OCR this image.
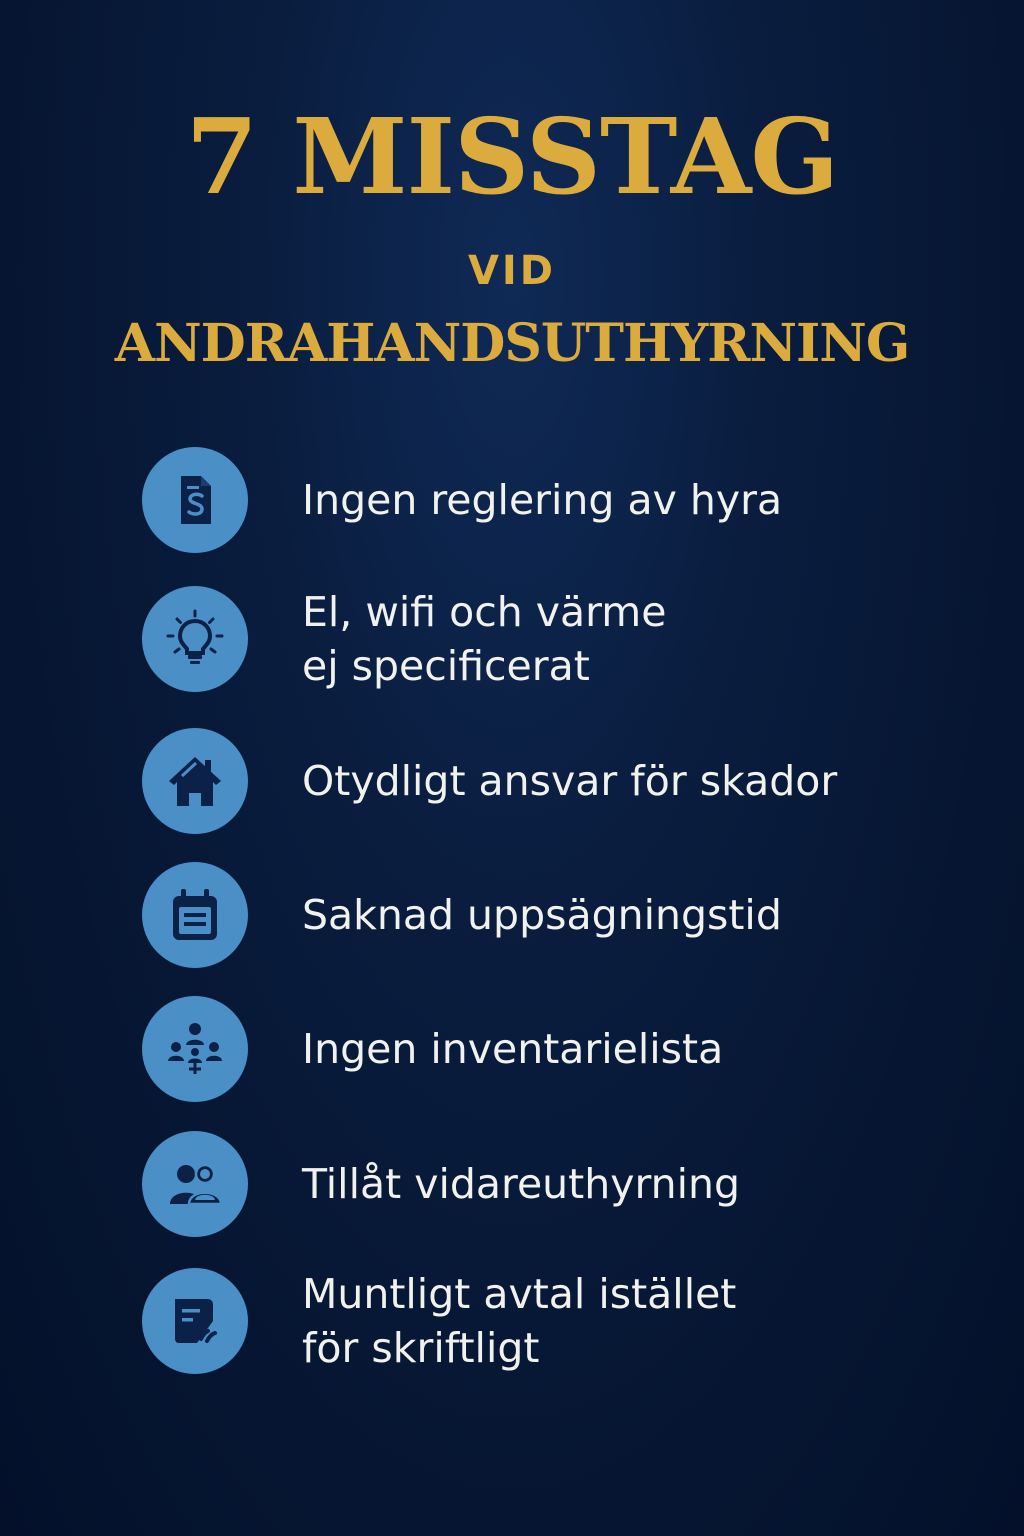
7 MISSTAG
VID
ANDRAHANDSUTHYRNING
Ingen reglering av hyra
El, wifi och värme
ej specificerat
Otydligt ansvar för skador
Saknad uppsägningstid
Ingen inventarielista
Tillåt vidareuthyrning
Muntligt avtal istället
för skriftligt
